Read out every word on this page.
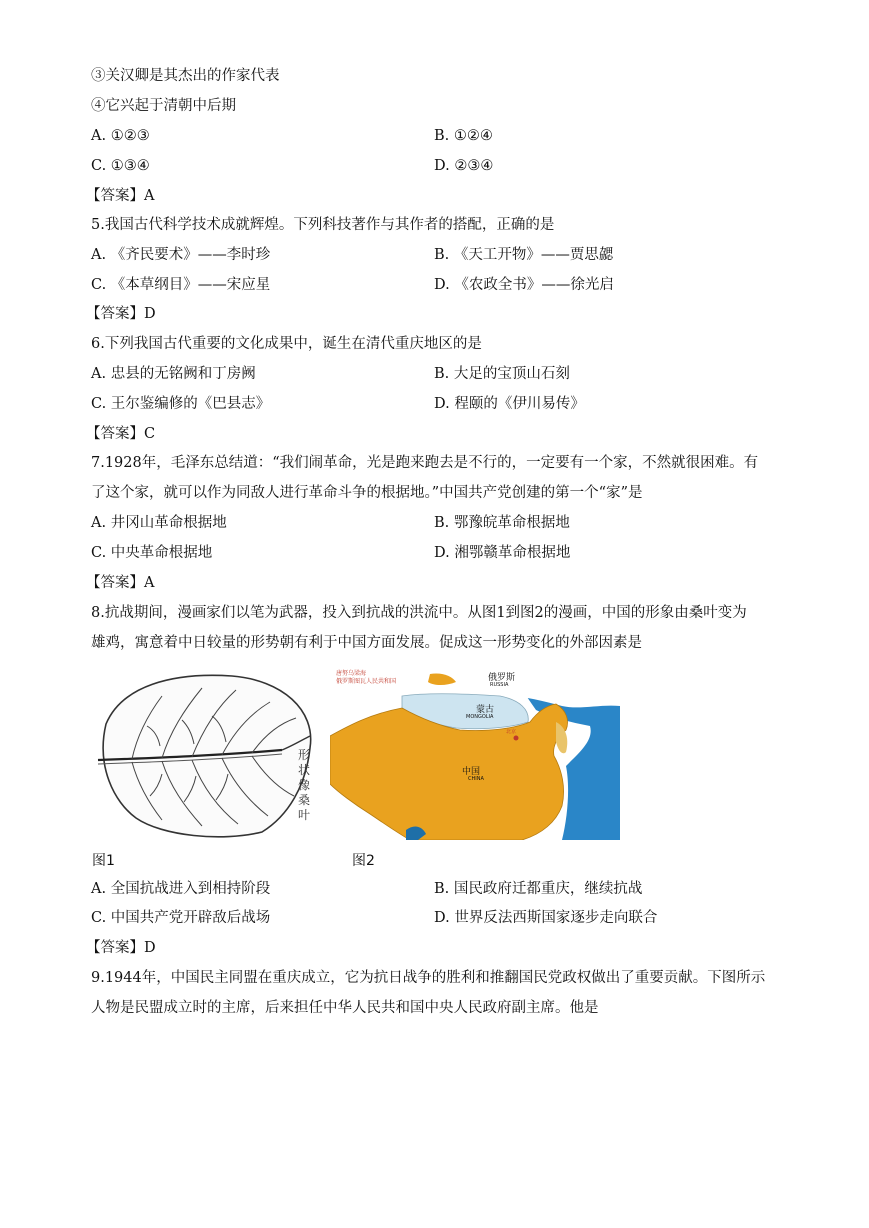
③关汉卿是其杰出的作家代表
④它兴起于清朝中后期
A. ①②③	B. ①②④
C. ①③④	D. ②③④
【答案】A
5.我国古代科学技术成就辉煌。下列科技著作与其作者的搭配，正确的是
A. 《齐民要术》——李时珍	B. 《天工开物》——贾思勰
C. 《本草纲目》——宋应星	D. 《农政全书》——徐光启
【答案】D
6.下列我国古代重要的文化成果中，诞生在清代重庆地区的是
A. 忠县的无铭阙和丁房阙	B. 大足的宝顶山石刻
C. 王尔鉴编修的《巴县志》	D. 程颐的《伊川易传》
【答案】C
7.1928年，毛泽东总结道：“我们闹革命，光是跑来跑去是不行的，一定要有一个家，不然就很困难。有
了这个家，就可以作为同敌人进行革命斗争的根据地。”中国共产党创建的第一个“家”是
A. 井冈山革命根据地	B. 鄂豫皖革命根据地
C. 中央革命根据地	D. 湘鄂赣革命根据地
【答案】A
8.抗战期间，漫画家们以笔为武器，投入到抗战的洪流中。从图1到图2的漫画，中国的形象由桑叶变为
雄鸡，寓意着中日较量的形势朝有利于中国方面发展。促成这一形势变化的外部因素是
形状像桑叶
唐努乌梁海
俄罗斯图瓦人民共和国	俄罗斯
RUSSIA
蒙古
MONGOLIA
北京
中国
CHINA
图1	图2
A. 全国抗战进入到相持阶段	B. 国民政府迁都重庆，继续抗战
C. 中国共产党开辟敌后战场	D. 世界反法西斯国家逐步走向联合
【答案】D
9.1944年，中国民主同盟在重庆成立，它为抗日战争的胜利和推翻国民党政权做出了重要贡献。下图所示
人物是民盟成立时的主席，后来担任中华人民共和国中央人民政府副主席。他是
